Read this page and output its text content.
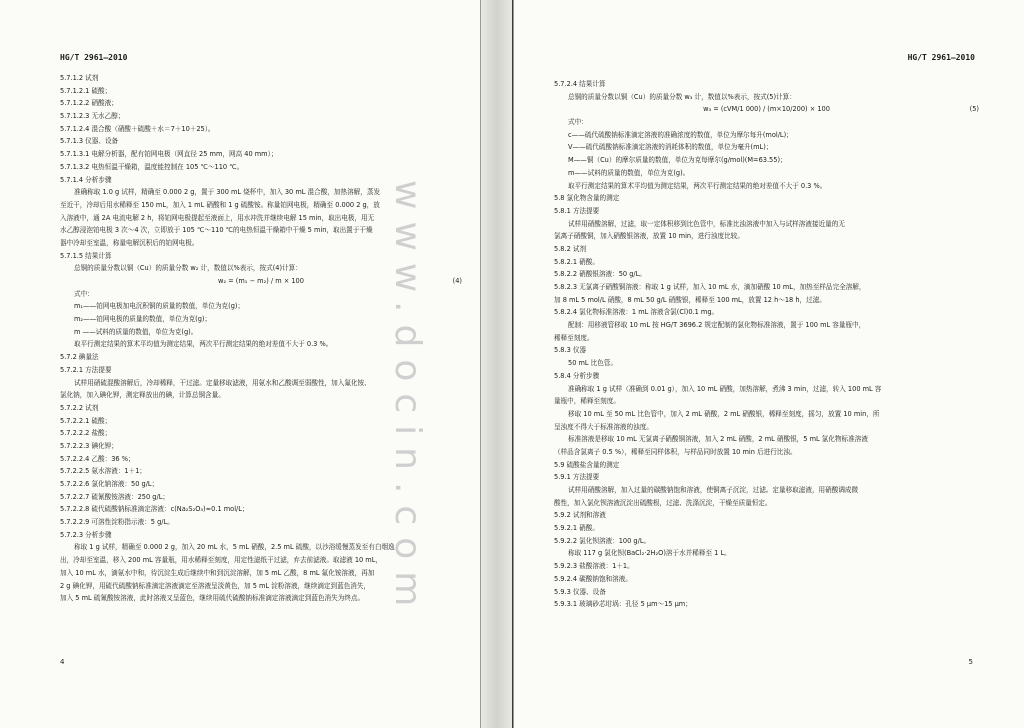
HG/T 2961—2010
5.7.1.2 试剂
5.7.1.2.1 硫酸；
5.7.1.2.2 硝酸液；
5.7.1.2.3 无水乙醇；
5.7.1.2.4 混合酸（硝酸＋硫酸＋水＝7＋10＋25）。
5.7.1.3 仪器、设备
5.7.1.3.1 电解分析器，配有铂网电极（网直径 25 mm，网高 40 mm）；
5.7.1.3.2 电热恒温干燥箱，温度能控制在 105 ℃～110 ℃。
5.7.1.4 分析步骤
准确称取 1.0 g 试样，精确至 0.000 2 g，置于 300 mL 烧杯中，加入 30 mL 混合酸，加热溶解，蒸发
至近干，冷却后用水稀释至 150 mL，加入 1 mL 硝酸和 1 g 硫酸铵。称量铂网电极，精确至 0.000 2 g，放
入溶液中，通 2A 电流电解 2 h，将铂网电极提起至液面上，用水冲洗并继续电解 15 min，取出电极，用无
水乙醇浸泡铂电极 3 次～4 次，立即放于 105 ℃～110 ℃的电热恒温干燥箱中干燥 5 min，取出置于干燥
器中冷却至室温，称量电解沉积后的铂网电极。
5.7.1.5 结果计算
总铜的质量分数以铜（Cu）的质量分数 w₂ 计，数值以%表示，按式(4)计算：
w₂ = (m₁ − m₂) / m × 100	(4)
式中：
m₁——铂网电极加电沉积铜的质量的数值，单位为克(g)；
m₂——铂网电极的质量的数值，单位为克(g)；
m ——试料的质量的数值，单位为克(g)。
取平行测定结果的算术平均值为测定结果，两次平行测定结果的绝对差值不大于 0.3 %。
5.7.2 碘量法
5.7.2.1 方法提要
试样用硝硫混酸溶解后，冷却稀释，干过滤。定量移取滤液，用氨水和乙酸调至弱酸性，加入氟化铵、
氯化钠，加入碘化钾，测定释放出的碘，计算总铜含量。
5.7.2.2 试剂
5.7.2.2.1 硫酸；
5.7.2.2.2 盐酸；
5.7.2.2.3 碘化钾；
5.7.2.2.4 乙酸：36 %；
5.7.2.2.5 氨水溶液：1＋1；
5.7.2.2.6 氯化钠溶液：50 g/L；
5.7.2.2.7 硫氰酸铵溶液：250 g/L；
5.7.2.2.8 硫代硫酸钠标准滴定溶液：c(Na₂S₂O₃)≈0.1 mol/L；
5.7.2.2.9 可溶性淀粉指示液：5 g/L。
5.7.2.3 分析步骤
称取 1 g 试样，精确至 0.000 2 g，加入 20 mL 水，5 mL 硝酸，2.5 mL 硫酸，以沙浴缓慢蒸发至有白烟逸
出，冷却至室温，移入 200 mL 容量瓶，用水稀释至刻度，用定性滤纸干过滤，弃去前滤液。取滤液 10 mL，
加入 10 mL 水，滴氨水中和，待沉淀生成后继续中和到沉淀溶解，加 5 mL 乙酸，8 mL 氟化铵溶液，再加
2 g 碘化钾，用硫代硫酸钠标准滴定溶液滴定至溶液呈淡黄色，加 5 mL 淀粉溶液，继续滴定到蓝色消失，
加入 5 mL 硫氰酸铵溶液，此时溶液又呈蓝色，继续用硫代硫酸钠标准滴定溶液滴定到蓝色消失为终点。
4
HG/T 2961—2010
5.7.2.4 结果计算
总铜的质量分数以铜（Cu）的质量分数 w₃ 计，数值以%表示，按式(5)计算：
w₃ = (cVM/1 000) / (m×10/200) × 100	(5)
式中：
c——硫代硫酸钠标准滴定溶液的准确浓度的数值，单位为摩尔每升(mol/L)；
V——硫代硫酸钠标准滴定溶液的消耗体积的数值，单位为毫升(mL)；
M——铜（Cu）的摩尔质量的数值，单位为克每摩尔(g/mol)(M=63.55)；
m——试料的质量的数值，单位为克(g)。
取平行测定结果的算术平均值为测定结果，两次平行测定结果的绝对差值不大于 0.3 %。
5.8 氯化物含量的测定
5.8.1 方法提要
试样用硝酸溶解，过滤，取一定体积移到比色管中，标准比浊溶液中加入与试样溶液接近量的无
氯离子硝酸铜，加入硝酸银溶液，放置 10 min，进行浊度比较。
5.8.2 试剂
5.8.2.1 硝酸。
5.8.2.2 硝酸银溶液：50 g/L。
5.8.2.3 无氯离子硝酸铜溶液：称取 1 g 试样，加入 10 mL 水，滴加硝酸 10 mL，加热至样品完全溶解，
加 8 mL 5 mol/L 硝酸，8 mL 50 g/L 硝酸银，稀释至 100 mL，放置 12 h～18 h，过滤。
5.8.2.4 氯化物标准溶液：1 mL 溶液含氯(Cl)0.1 mg。
配制：用移液管移取 10 mL 按 HG/T 3696.2 规定配制的氯化物标准溶液，置于 100 mL 容量瓶中，
稀释至刻度。
5.8.3 仪器
50 mL 比色管。
5.8.4 分析步骤
准确称取 1 g 试样（准确到 0.01 g），加入 10 mL 硝酸，加热溶解，煮沸 3 min，过滤，转入 100 mL 容
量瓶中，稀释至刻度。
移取 10 mL 至 50 mL 比色管中，加入 2 mL 硝酸，2 mL 硝酸银，稀释至刻度，摇匀，放置 10 min，所
呈浊度不得大于标准溶液的浊度。
标准溶液是移取 10 mL 无氯离子硝酸铜溶液，加入 2 mL 硝酸，2 mL 硝酸银，5 mL 氯化物标准溶液
（样品含氯离子 0.5 %），稀释至同样体积，与样品同时放置 10 min 后进行比浊。
5.9 硫酸盐含量的测定
5.9.1 方法提要
试样用硝酸溶解，加入过量的碳酸钠饱和溶液，使铜离子沉淀，过滤。定量移取滤液，用硝酸调成微
酸性，加入氯化钡溶液沉淀出硫酸根，过滤、洗涤沉淀，干燥至质量恒定。
5.9.2 试剂和溶液
5.9.2.1 硝酸。
5.9.2.2 氯化钡溶液：100 g/L。
称取 117 g 氯化钡(BaCl₂·2H₂O)溶于水并稀释至 1 L。
5.9.2.3 盐酸溶液：1＋1。
5.9.2.4 碳酸钠饱和溶液。
5.9.3 仪器、设备
5.9.3.1 玻璃砂芯坩埚：孔径 5 μm～15 μm；
5
www.docin.com
